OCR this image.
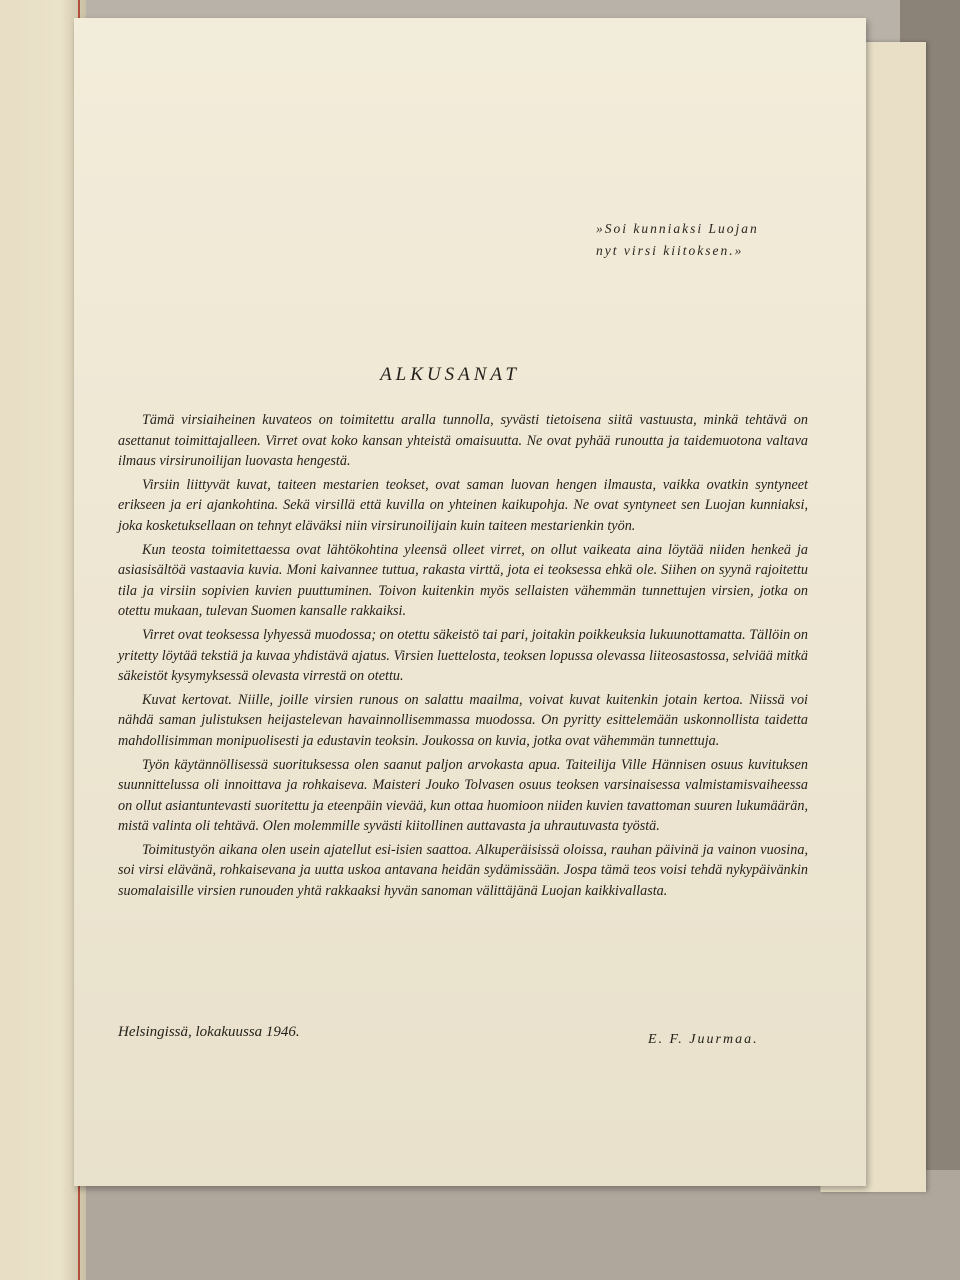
»Soi kunniaksi Luojan
nyt virsi kiitoksen.»
ALKUSANAT

Tämä virsiaiheinen kuvateos on toimitettu aralla tunnolla, syvästi tietoisena siitä vastuusta, minkä tehtävä on asettanut toimittajalleen. Virret ovat koko kansan yhteistä omaisuutta. Ne ovat pyhää runoutta ja taidemuotona valtava ilmaus virsirunoilijan luovasta hengestä.

Virsiin liittyvät kuvat, taiteen mestarien teokset, ovat saman luovan hengen ilmausta, vaikka ovatkin syntyneet erikseen ja eri ajankohtina. Sekä virsillä että kuvilla on yhteinen kaikupohja. Ne ovat syntyneet sen Luojan kunniaksi, joka kosketuksellaan on tehnyt eläväksi niin virsirunoilijain kuin taiteen mestarienkin työn.

Kun teosta toimitettaessa ovat lähtökohtina yleensä olleet virret, on ollut vaikeata aina löytää niiden henkeä ja asiasisältöä vastaavia kuvia. Moni kaivannee tuttua, rakasta virttä, jota ei teoksessa ehkä ole. Siihen on syynä rajoitettu tila ja virsiin sopivien kuvien puuttuminen. Toivon kuitenkin myös sellaisten vähemmän tunnettujen virsien, jotka on otettu mukaan, tulevan Suomen kansalle rakkaiksi.

Virret ovat teoksessa lyhyessä muodossa; on otettu säkeistö tai pari, joitakin poikkeuksia lukuunottamatta. Tällöin on yritetty löytää tekstiä ja kuvaa yhdistävä ajatus. Virsien luettelosta, teoksen lopussa olevassa liiteosastossa, selviää mitkä säkeistöt kysymyksessä olevasta virrestä on otettu.

Kuvat kertovat. Niille, joille virsien runous on salattu maailma, voivat kuvat kuitenkin jotain kertoa. Niissä voi nähdä saman julistuksen heijastelevan havainnollisemmassa muodossa. On pyritty esittelemään uskonnollista taidetta mahdollisimman monipuolisesti ja edustavin teoksin. Joukossa on kuvia, jotka ovat vähemmän tunnettuja.

Työn käytännöllisessä suorituksessa olen saanut paljon arvokasta apua. Taiteilija Ville Hännisen osuus kuvituksen suunnittelussa oli innoittava ja rohkaiseva. Maisteri Jouko Tolvasen osuus teoksen varsinaisessa valmistamisvaiheessa on ollut asiantuntevasti suoritettu ja eteenpäin vievää, kun ottaa huomioon niiden kuvien tavattoman suuren lukumäärän, mistä valinta oli tehtävä. Olen molemmille syvästi kiitollinen auttavasta ja uhrautuvasta työstä.

Toimitustyön aikana olen usein ajatellut esi-isien saattoa. Alkuperäisissä oloissa, rauhan päivinä ja vainon vuosina, soi virsi elävänä, rohkaisevana ja uutta uskoa antavana heidän sydämissään. Jospa tämä teos voisi tehdä nykypäivänkin suomalaisille virsien runouden yhtä rakkaaksi hyvän sanoman välittäjänä Luojan kaikkivallasta.

Helsingissä, lokakuussa 1946.	E. F. Juurmaa.
